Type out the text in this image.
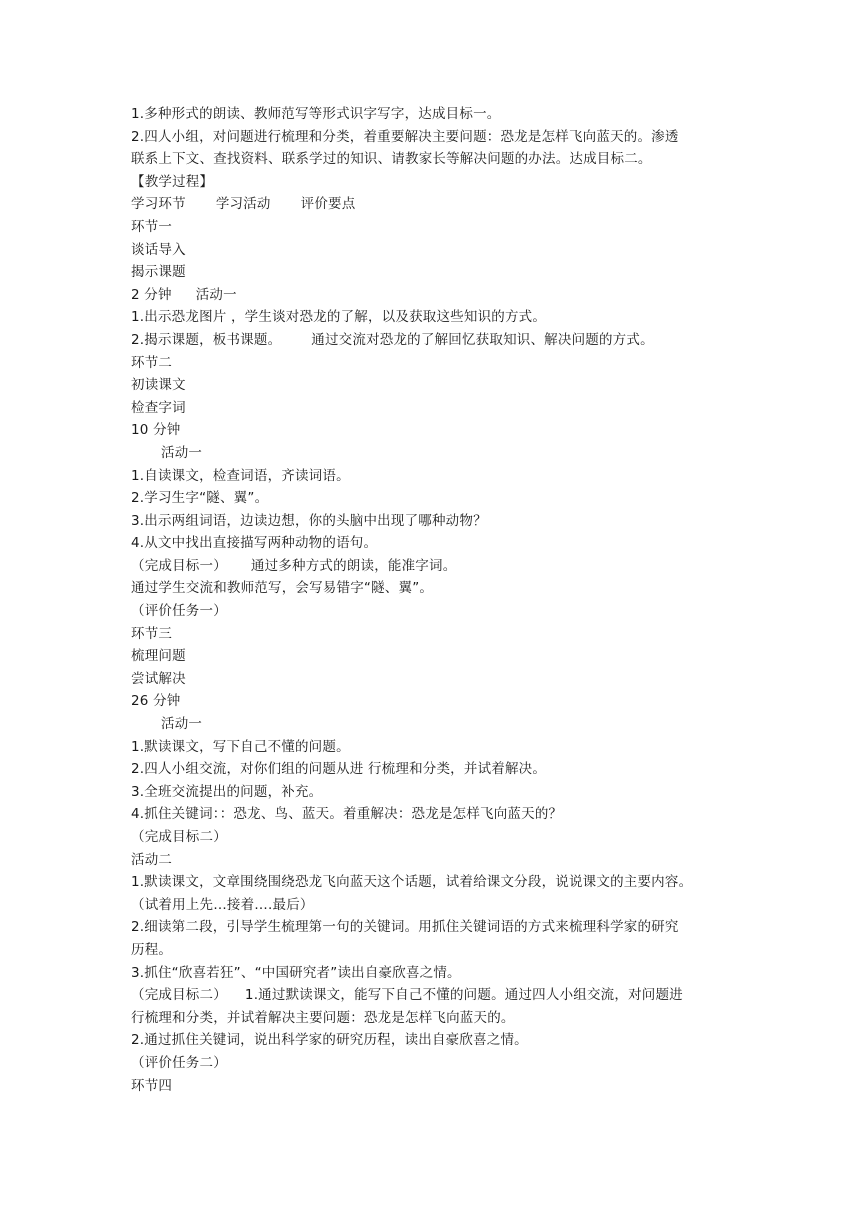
1.多种形式的朗读、教师范写等形式识字写字，达成目标一。
2.四人小组，对问题进行梳理和分类，着重要解决主要问题：恐龙是怎样飞向蓝天的。渗透
联系上下文、查找资料、联系学过的知识、请教家长等解决问题的办法。达成目标二。
【教学过程】
学习环节 学习活动 评价要点
环节一
谈话导入
揭示课题
2 分钟 活动一
1.出示恐龙图片 ，学生谈对恐龙的了解，以及获取这些知识的方式。
2.揭示课题，板书课题。 通过交流对恐龙的了解回忆获取知识、解决问题的方式。
环节二
初读课文
检查字词
10 分钟
活动一
1.自读课文，检查词语，齐读词语。
2.学习生字“隧、翼”。
3.出示两组词语，边读边想，你的头脑中出现了哪种动物？
4.从文中找出直接描写两种动物的语句。
（完成目标一） 通过多种方式的朗读，能准字词。
通过学生交流和教师范写，会写易错字“隧、翼”。
（评价任务一）
环节三
梳理问题
尝试解决
26 分钟
活动一
1.默读课文，写下自己不懂的问题。
2.四人小组交流，对你们组的问题从进 行梳理和分类，并试着解决。
3.全班交流提出的问题，补充。
4.抓住关键词：：恐龙、鸟、蓝天。着重解决：恐龙是怎样飞向蓝天的？
（完成目标二）
活动二
1.默读课文，文章围绕围绕恐龙飞向蓝天这个话题，试着给课文分段，说说课文的主要内容。
（试着用上先…接着….最后）
2.细读第二段，引导学生梳理第一句的关键词。用抓住关键词语的方式来梳理科学家的研究
历程。
3.抓住“欣喜若狂”、“中国研究者”读出自豪欣喜之情。
（完成目标二） 1.通过默读课文，能写下自己不懂的问题。通过四人小组交流，对问题进
行梳理和分类，并试着解决主要问题：恐龙是怎样飞向蓝天的。
2.通过抓住关键词，说出科学家的研究历程，读出自豪欣喜之情。
（评价任务二）
环节四
